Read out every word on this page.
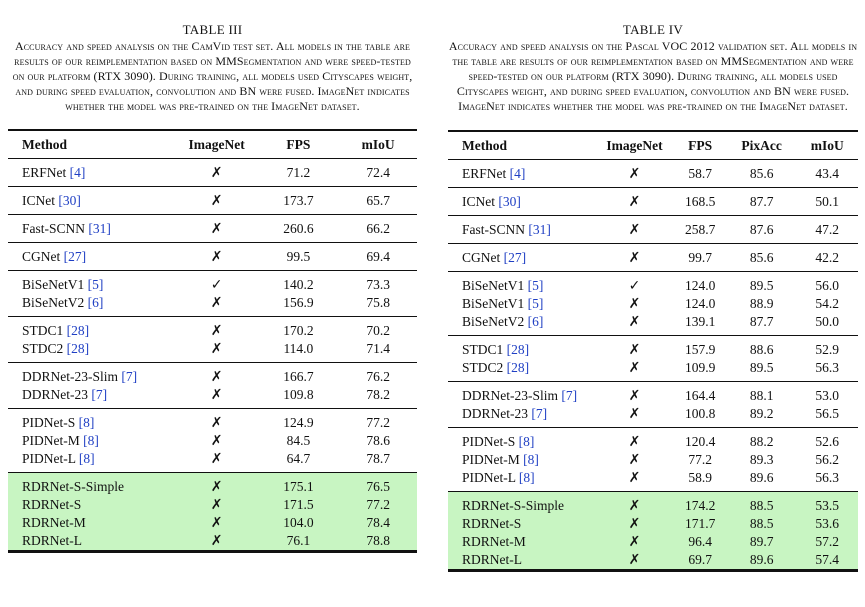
TABLE III
Accuracy and speed analysis on the CamVid test set. All models in the table are results of our reimplementation based on MMSegmentation and were speed-tested on our platform (RTX 3090). During training, all models used Cityscapes weight, and during speed evaluation, convolution and BN were fused. ImageNet indicates whether the model was pre-trained on the ImageNet dataset.
Method	ImageNet	FPS	mIoU
ERFNet [4]	✗	71.2	72.4
ICNet [30]	✗	173.7	65.7
Fast-SCNN [31]	✗	260.6	66.2
CGNet [27]	✗	99.5	69.4
BiSeNetV1 [5]	✓	140.2	73.3
BiSeNetV2 [6]	✗	156.9	75.8
STDC1 [28]	✗	170.2	70.2
STDC2 [28]	✗	114.0	71.4
DDRNet-23-Slim [7]	✗	166.7	76.2
DDRNet-23 [7]	✗	109.8	78.2
PIDNet-S [8]	✗	124.9	77.2
PIDNet-M [8]	✗	84.5	78.6
PIDNet-L [8]	✗	64.7	78.7
RDRNet-S-Simple	✗	175.1	76.5
RDRNet-S	✗	171.5	77.2
RDRNet-M	✗	104.0	78.4
RDRNet-L	✗	76.1	78.8
TABLE IV
Accuracy and speed analysis on the Pascal VOC 2012 validation set. All models in the table are results of our reimplementation based on MMSegmentation and were speed-tested on our platform (RTX 3090). During training, all models used Cityscapes weight, and during speed evaluation, convolution and BN were fused. ImageNet indicates whether the model was pre-trained on the ImageNet dataset.
Method	ImageNet	FPS	PixAcc	mIoU
ERFNet [4]	✗	58.7	85.6	43.4
ICNet [30]	✗	168.5	87.7	50.1
Fast-SCNN [31]	✗	258.7	87.6	47.2
CGNet [27]	✗	99.7	85.6	42.2
BiSeNetV1 [5]	✓	124.0	89.5	56.0
BiSeNetV1 [5]	✗	124.0	88.9	54.2
BiSeNetV2 [6]	✗	139.1	87.7	50.0
STDC1 [28]	✗	157.9	88.6	52.9
STDC2 [28]	✗	109.9	89.5	56.3
DDRNet-23-Slim [7]	✗	164.4	88.1	53.0
DDRNet-23 [7]	✗	100.8	89.2	56.5
PIDNet-S [8]	✗	120.4	88.2	52.6
PIDNet-M [8]	✗	77.2	89.3	56.2
PIDNet-L [8]	✗	58.9	89.6	56.3
RDRNet-S-Simple	✗	174.2	88.5	53.5
RDRNet-S	✗	171.7	88.5	53.6
RDRNet-M	✗	96.4	89.7	57.2
RDRNet-L	✗	69.7	89.6	57.4
